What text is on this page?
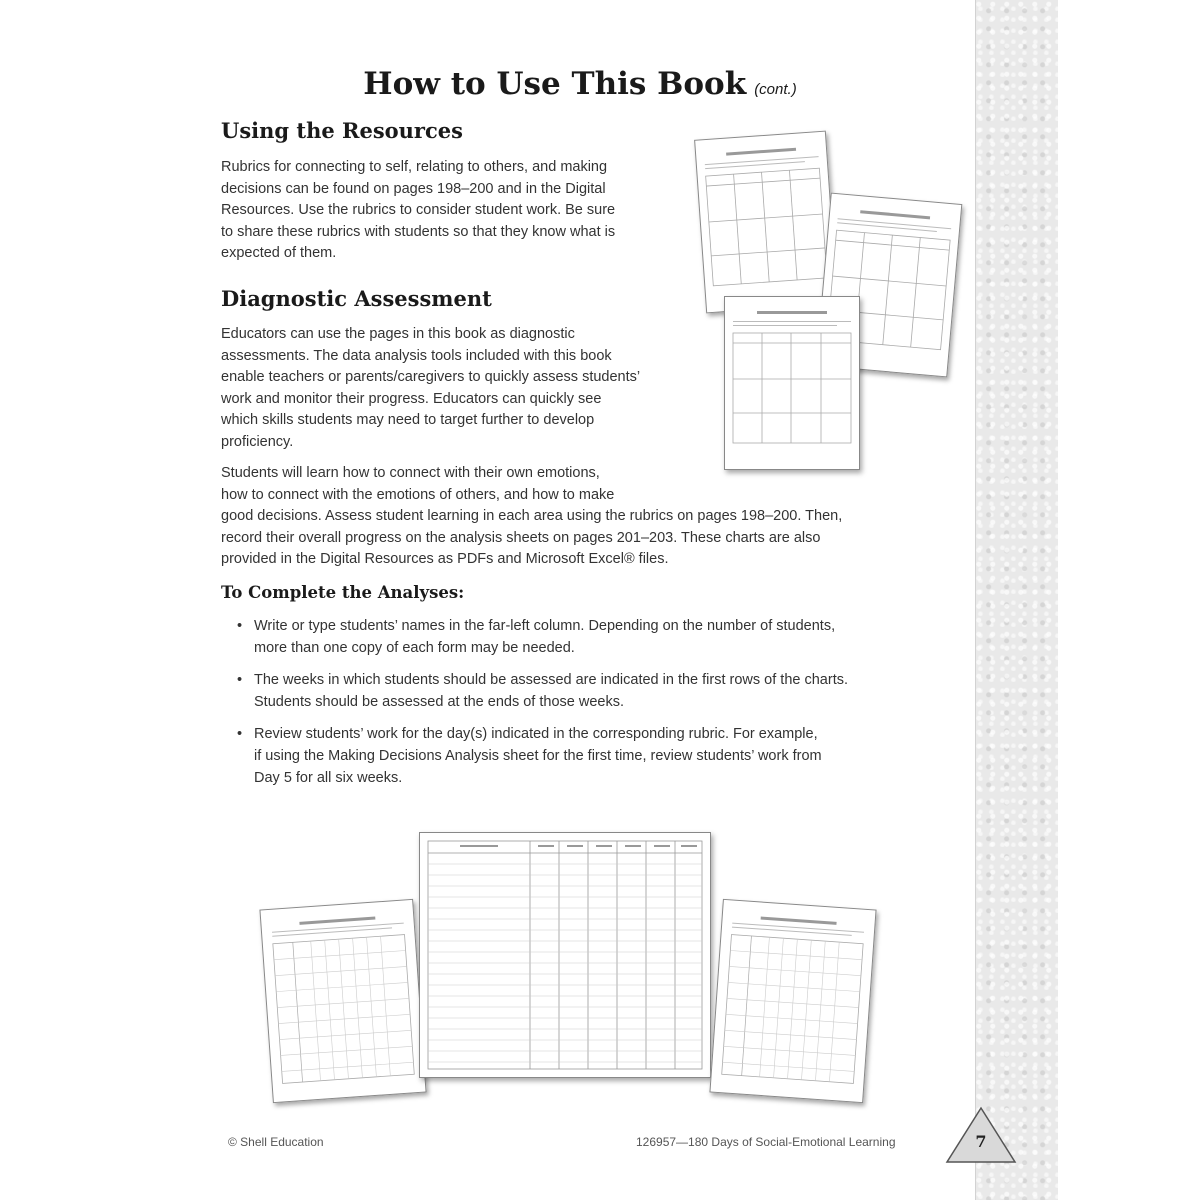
How to Use This Book (cont.)
Using the Resources

Rubrics for connecting to self, relating to others, and making
decisions can be found on pages 198–200 and in the Digital
Resources. Use the rubrics to consider student work. Be sure
to share these rubrics with students so that they know what is
expected of them.

Diagnostic Assessment

Educators can use the pages in this book as diagnostic
assessments. The data analysis tools included with this book
enable teachers or parents/caregivers to quickly assess students’
work and monitor their progress. Educators can quickly see
which skills students may need to target further to develop
proficiency.

Students will learn how to connect with their own emotions,
how to connect with the emotions of others, and how to make
good decisions. Assess student learning in each area using the rubrics on pages 198–200. Then,
record their overall progress on the analysis sheets on pages 201–203. These charts are also
provided in the Digital Resources as PDFs and Microsoft Excel® files.

To Complete the Analyses:
• Write or type students’ names in the far-left column. Depending on the number of students,
more than one copy of each form may be needed.
• The weeks in which students should be assessed are indicated in the first rows of the charts.
Students should be assessed at the ends of those weeks.
• Review students’ work for the day(s) indicated in the corresponding rubric. For example,
if using the Making Decisions Analysis sheet for the first time, review students’ work from
Day 5 for all six weeks.
© Shell Education	126957—180 Days of Social-Emotional Learning	7
